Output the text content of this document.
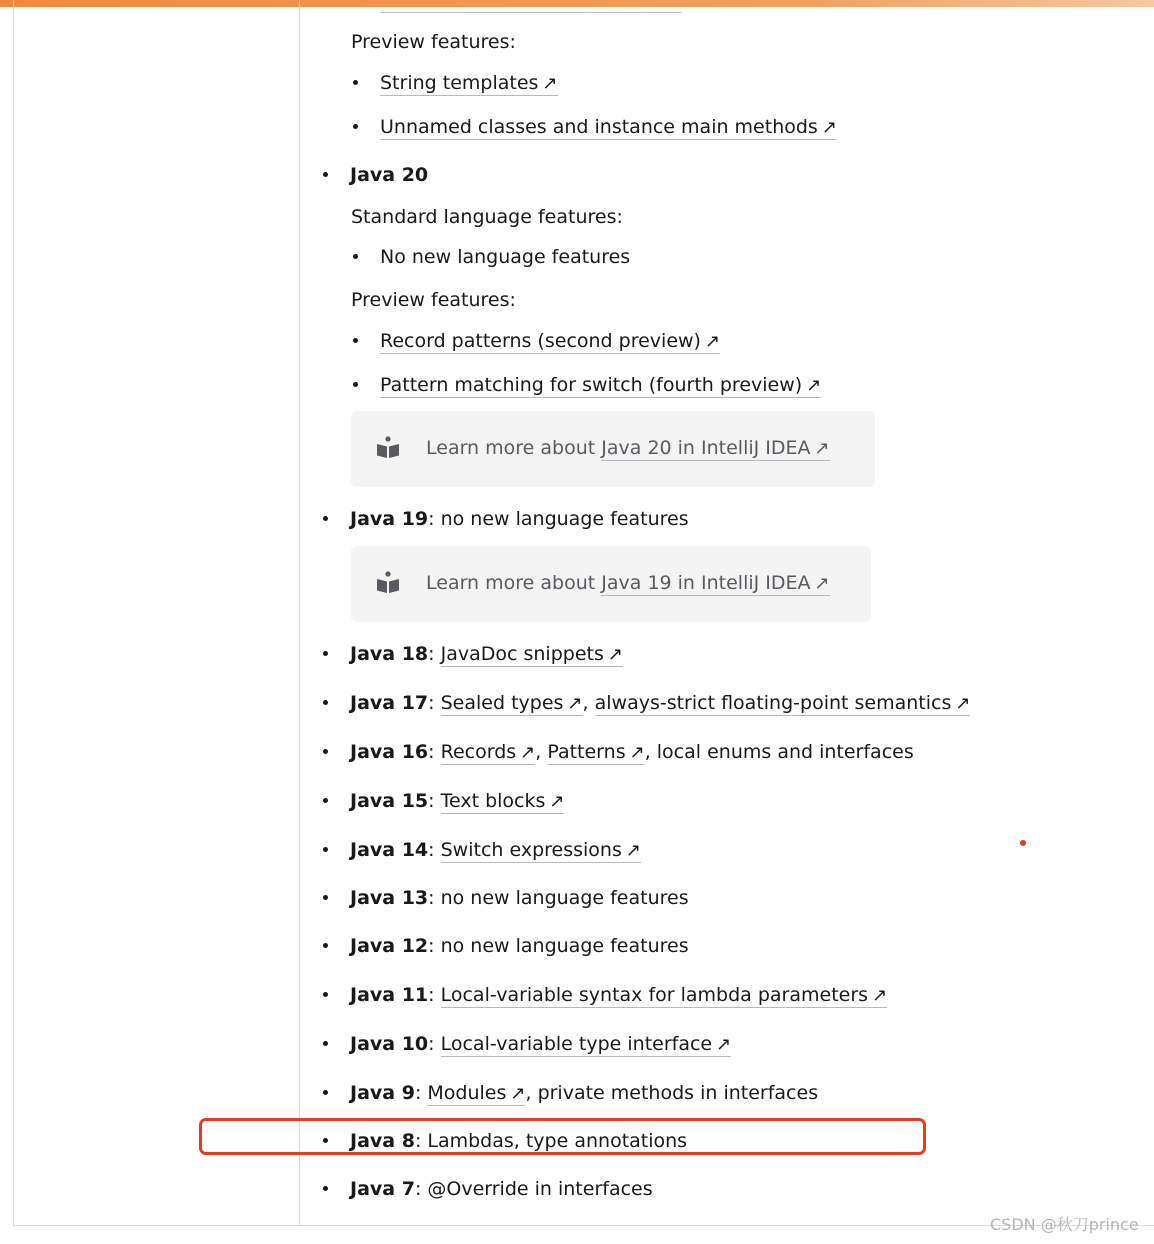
Preview features:
String templates ↗
Unnamed classes and instance main methods ↗
Java 20
Standard language features:
No new language features
Preview features:
Record patterns (second preview) ↗
Pattern matching for switch (fourth preview) ↗
Learn more about Java 20 in IntelliJ IDEA ↗
Java 19: no new language features
Learn more about Java 19 in IntelliJ IDEA ↗
Java 18: JavaDoc snippets ↗
Java 17: Sealed types ↗, always-strict floating-point semantics ↗
Java 16: Records ↗, Patterns ↗, local enums and interfaces
Java 15: Text blocks ↗
Java 14: Switch expressions ↗
Java 13: no new language features
Java 12: no new language features
Java 11: Local-variable syntax for lambda parameters ↗
Java 10: Local-variable type interface ↗
Java 9: Modules ↗, private methods in interfaces
Java 8: Lambdas, type annotations
Java 7: @Override in interfaces
CSDN @秋刀prince
